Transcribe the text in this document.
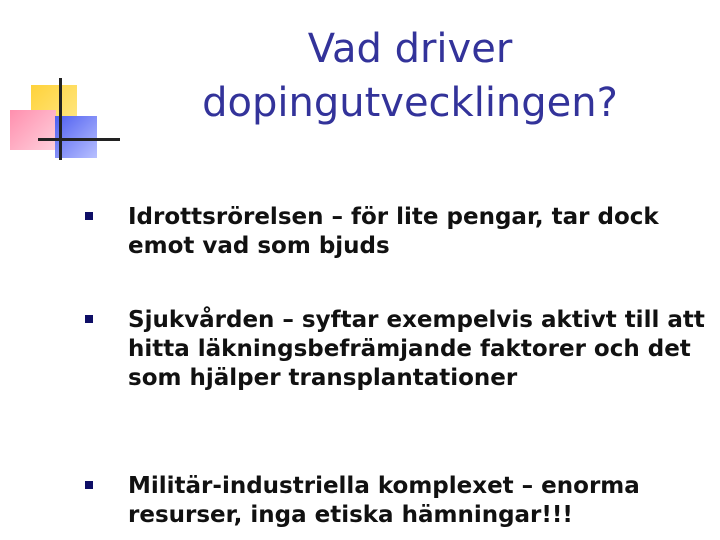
Vad driver dopingutvecklingen?
Idrottsrörelsen – för lite pengar, tar dock emot vad som bjuds
Sjukvården – syftar exempelvis aktivt till att hitta läkningsbefrämjande faktorer och det som hjälper transplantationer
Militär-industriella komplexet – enorma resurser, inga etiska hämningar!!!
